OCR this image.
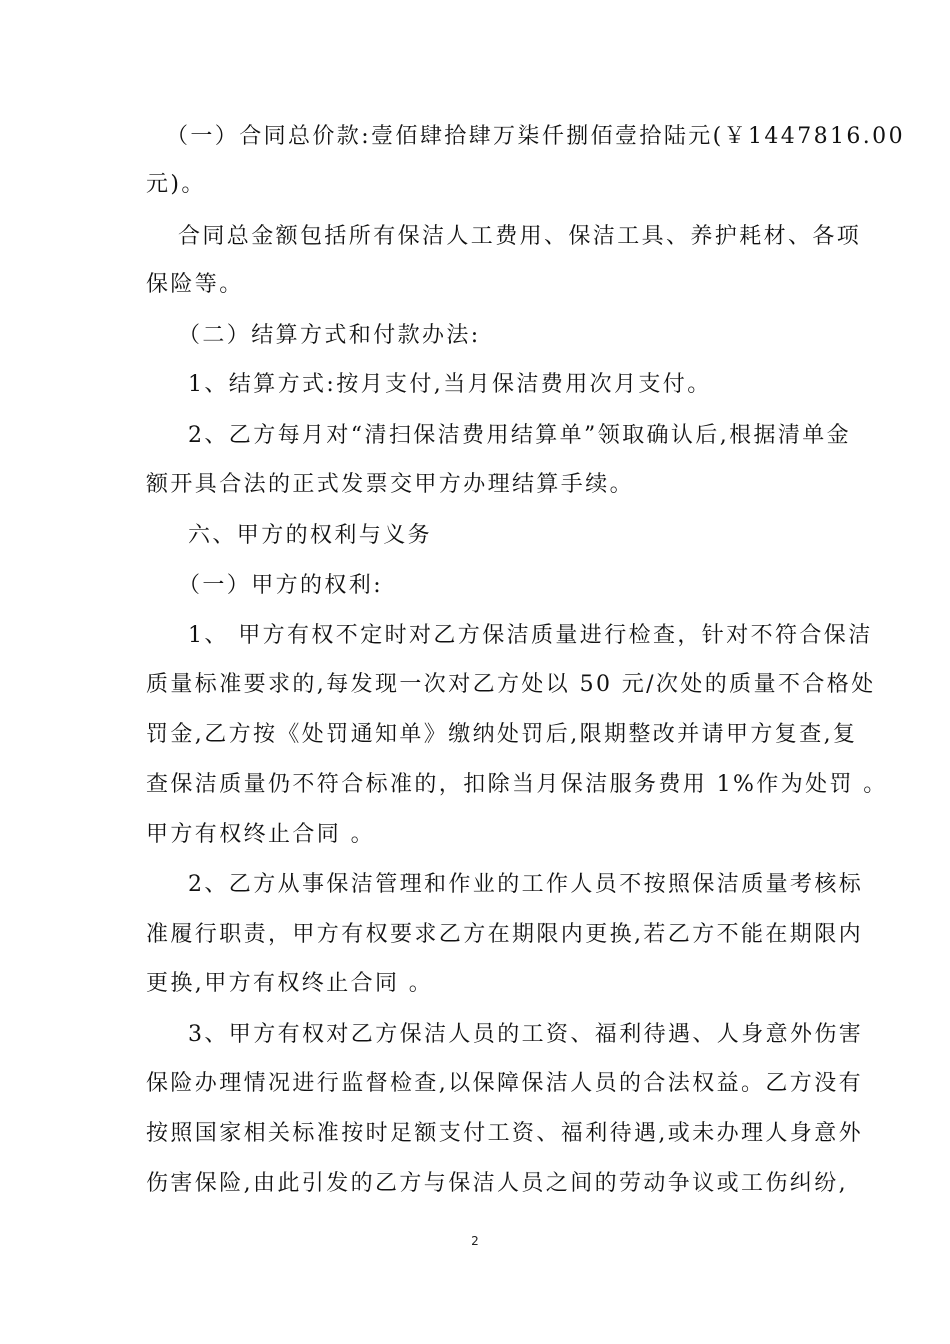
（一）合同总价款:壹佰肆拾肆万柒仟捌佰壹拾陆元(￥1447816.00
元)。
合同总金额包括所有保洁人工费用、保洁工具、养护耗材、各项
保险等。
（二）结算方式和付款办法:
1、结算方式:按月支付,当月保洁费用次月支付。
2、乙方每月对“清扫保洁费用结算单”领取确认后,根据清单金
额开具合法的正式发票交甲方办理结算手续。
六、甲方的权利与义务
（一）甲方的权利:
1、 甲方有权不定时对乙方保洁质量进行检查，针对不符合保洁
质量标准要求的,每发现一次对乙方处以 50 元/次处的质量不合格处
罚金,乙方按《处罚通知单》缴纳处罚后,限期整改并请甲方复查,复
查保洁质量仍不符合标准的，扣除当月保洁服务费用 1%作为处罚 。
甲方有权终止合同 。
2、乙方从事保洁管理和作业的工作人员不按照保洁质量考核标
准履行职责，甲方有权要求乙方在期限内更换,若乙方不能在期限内
更换,甲方有权终止合同 。
3、甲方有权对乙方保洁人员的工资、福利待遇、人身意外伤害
保险办理情况进行监督检查,以保障保洁人员的合法权益。乙方没有
按照国家相关标准按时足额支付工资、福利待遇,或未办理人身意外
伤害保险,由此引发的乙方与保洁人员之间的劳动争议或工伤纠纷,
2
